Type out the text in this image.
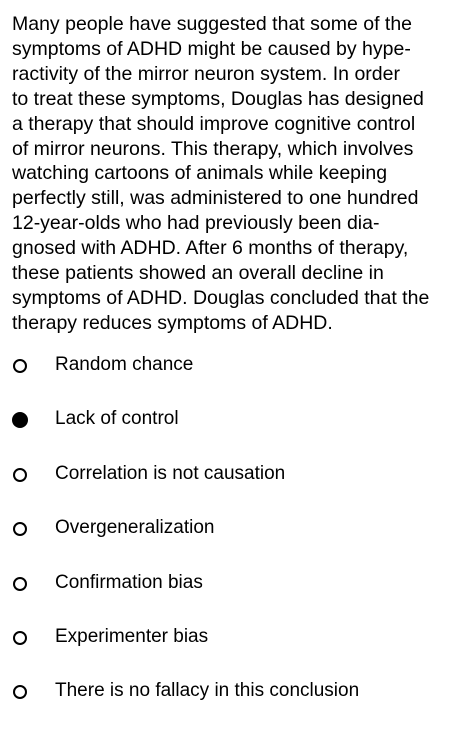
Many people have suggested that some of the
symptoms of ADHD might be caused by hype-
ractivity of the mirror neuron system. In order
to treat these symptoms, Douglas has designed
a therapy that should improve cognitive control
of mirror neurons. This therapy, which involves
watching cartoons of animals while keeping
perfectly still, was administered to one hundred
12-year-olds who had previously been dia-
gnosed with ADHD. After 6 months of therapy,
these patients showed an overall decline in
symptoms of ADHD. Douglas concluded that the
therapy reduces symptoms of ADHD.
Random chance
Lack of control
Correlation is not causation
Overgeneralization
Confirmation bias
Experimenter bias
There is no fallacy in this conclusion
